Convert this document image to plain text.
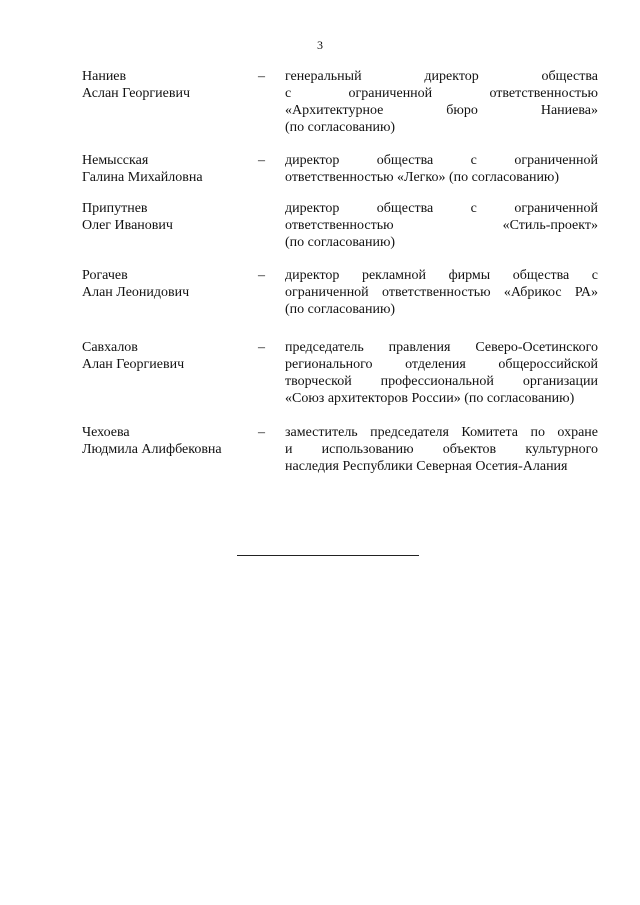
3
Наниев
Аслан Георгиевич
–	генеральный директор общества
с ограниченной ответственностью
«Архитектурное бюро Наниева»
(по согласованию)
Немысская
Галина Михайловна
–	директор общества с ограниченной
ответственностью «Легко» (по согласованию)
Припутнев
Олег Иванович
директор общества с ограниченной
ответственностью «Стиль-проект»
(по согласованию)
Рогачев
Алан Леонидович
–	директор рекламной фирмы общества с
ограниченной ответственностью «Абрикос РА»
(по согласованию)
Савхалов
Алан Георгиевич
–	председатель правления Северо-Осетинского
регионального отделения общероссийской
творческой профессиональной организации
«Союз архитекторов России» (по согласованию)
Чехоева
Людмила Алифбековна
–	заместитель председателя Комитета по охране
и использованию объектов культурного
наследия Республики Северная Осетия-Алания
